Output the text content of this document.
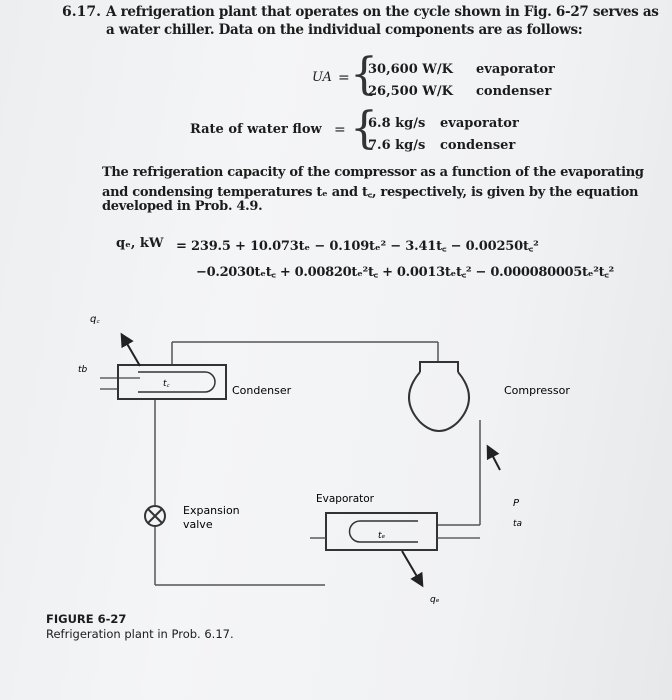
6.17. A refrigeration plant that operates on the cycle shown in Fig. 6-27 serves as
a water chiller. Data on the individual components are as follows:
UA = {
30,600 W/K evaporator
26,500 W/K condenser
Rate of water flow = {
6.8 kg/s evaporator
7.6 kg/s condenser
The refrigeration capacity of the compressor as a function of the evaporating
and condensing temperatures tₑ and t꜀, respectively, is given by the equation
developed in Prob. 4.9.
qₑ, kW = 239.5 + 10.073tₑ − 0.109tₑ² − 3.41t꜀ − 0.00250t꜀²
−0.2030tₑt꜀ + 0.00820tₑ²t꜀ + 0.0013tₑt꜀² − 0.000080005tₑ²t꜀²
q꜀
tb
t꜀	Condenser	Compressor
P
ta
Evaporator
tₑ
qₑ
Expansion
valve
FIGURE 6-27
Refrigeration plant in Prob. 6.17.
